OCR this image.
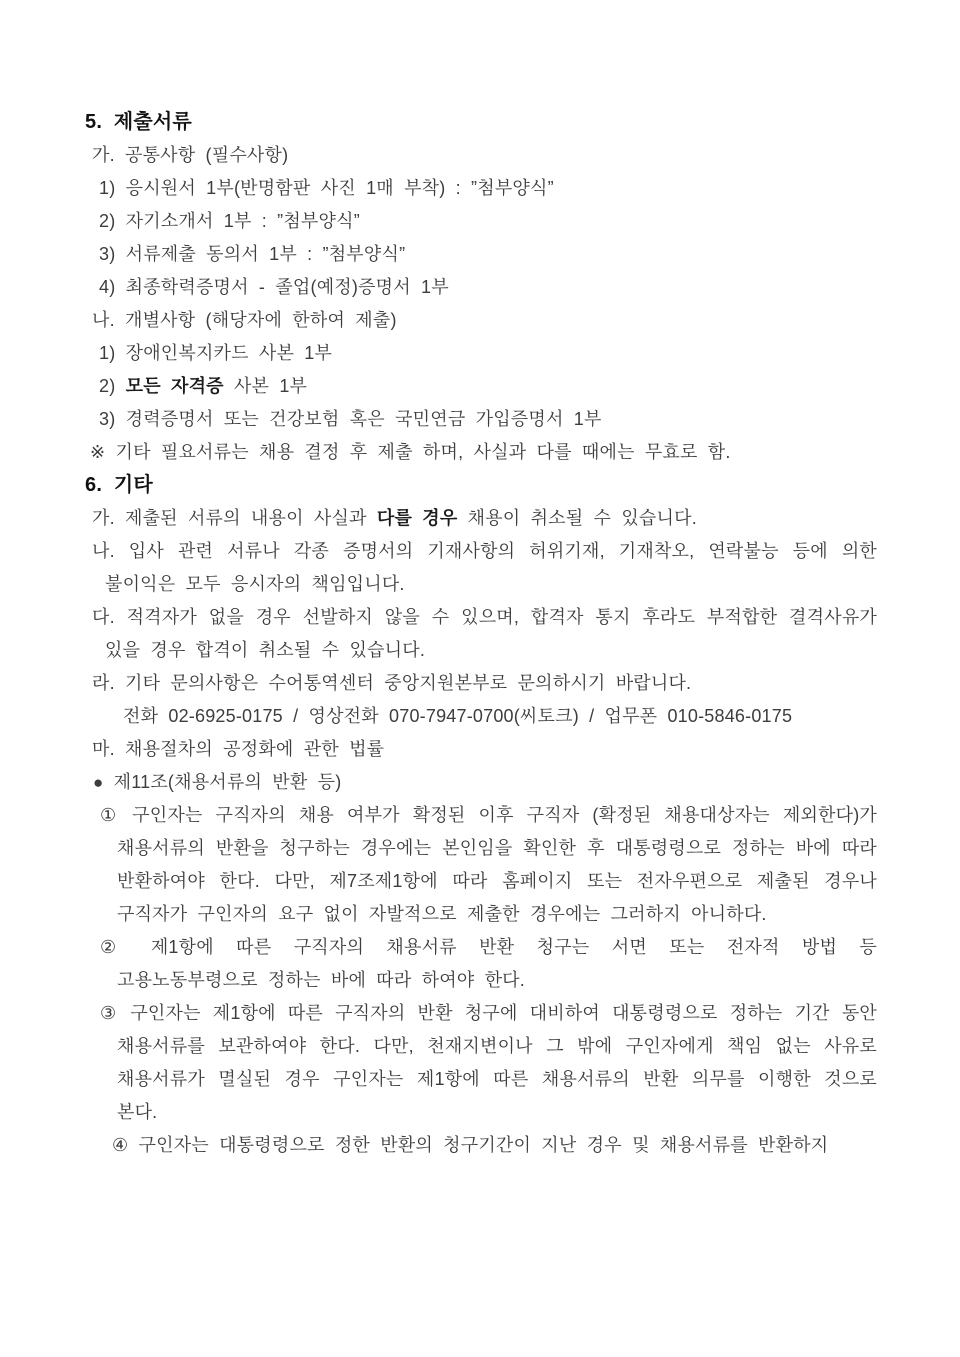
5. 제출서류

가. 공통사항 (필수사항)

1) 응시원서 1부(반명함판 사진 1매 부착) : ”첨부양식”

2) 자기소개서 1부 : ”첨부양식”

3) 서류제출 동의서 1부 : ”첨부양식”

4) 최종학력증명서 - 졸업(예정)증명서 1부

나. 개별사항 (해당자에 한하여 제출)

1) 장애인복지카드 사본 1부

2) 모든 자격증 사본 1부

3) 경력증명서 또는 건강보험 혹은 국민연금 가입증명서 1부

※ 기타 필요서류는 채용 결정 후 제출 하며, 사실과 다를 때에는 무효로 함.

6. 기타

가. 제출된 서류의 내용이 사실과 다를 경우 채용이 취소될 수 있습니다.

나. 입사 관련 서류나 각종 증명서의 기재사항의 허위기재, 기재착오, 연락불능 등에 의한 불이익은 모두 응시자의 책임입니다.

다. 적격자가 없을 경우 선발하지 않을 수 있으며, 합격자 통지 후라도 부적합한 결격사유가 있을 경우 합격이 취소될 수 있습니다.

라. 기타 문의사항은 수어통역센터 중앙지원본부로 문의하시기 바랍니다.

전화 02-6925-0175 / 영상전화 070-7947-0700(씨토크) / 업무폰 010-5846-0175

마. 채용절차의 공정화에 관한 법률

● 제11조(채용서류의 반환 등)

① 구인자는 구직자의 채용 여부가 확정된 이후 구직자 (확정된 채용대상자는 제외한다)가 채용서류의 반환을 청구하는 경우에는 본인임을 확인한 후 대통령령으로 정하는 바에 따라 반환하여야 한다. 다만, 제7조제1항에 따라 홈페이지 또는 전자우편으로 제출된 경우나 구직자가 구인자의 요구 없이 자발적으로 제출한 경우에는 그러하지 아니하다.

② 제1항에 따른 구직자의 채용서류 반환 청구는 서면 또는 전자적 방법 등 고용노동부령으로 정하는 바에 따라 하여야 한다.

③ 구인자는 제1항에 따른 구직자의 반환 청구에 대비하여 대통령령으로 정하는 기간 동안 채용서류를 보관하여야 한다. 다만, 천재지변이나 그 밖에 구인자에게 책임 없는 사유로 채용서류가 멸실된 경우 구인자는 제1항에 따른 채용서류의 반환 의무를 이행한 것으로 본다.

④ 구인자는 대통령령으로 정한 반환의 청구기간이 지난 경우 및 채용서류를 반환하지
